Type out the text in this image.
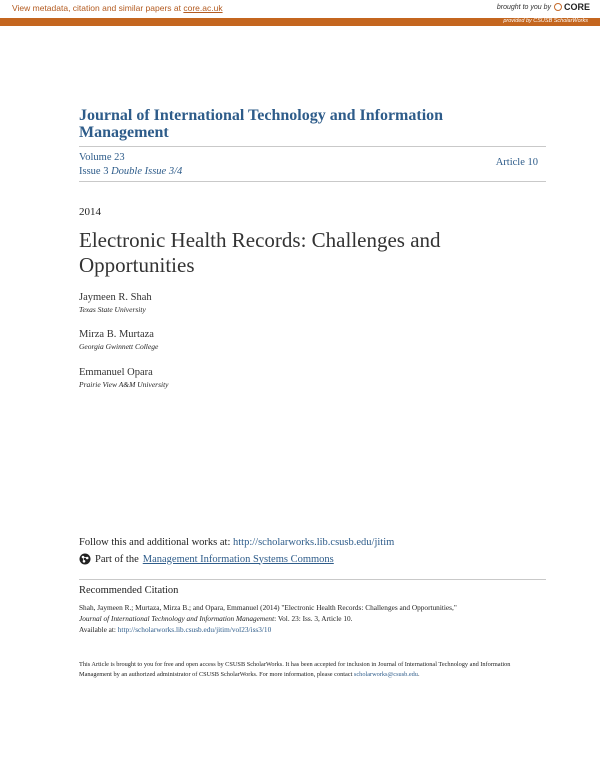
View metadata, citation and similar papers at core.ac.uk	brought to you by CORE
provided by CSUSB ScholarWorks
Journal of International Technology and Information Management
Volume 23
Issue 3 Double Issue 3/4
Article 10
2014
Electronic Health Records: Challenges and Opportunities
Jaymeen R. Shah
Texas State University
Mirza B. Murtaza
Georgia Gwinnett College
Emmanuel Opara
Prairie View A&M University
Follow this and additional works at: http://scholarworks.lib.csusb.edu/jitim
Part of the Management Information Systems Commons
Recommended Citation
Shah, Jaymeen R.; Murtaza, Mirza B.; and Opara, Emmanuel (2014) "Electronic Health Records: Challenges and Opportunities,"
Journal of International Technology and Information Management: Vol. 23: Iss. 3, Article 10.
Available at: http://scholarworks.lib.csusb.edu/jitim/vol23/iss3/10
This Article is brought to you for free and open access by CSUSB ScholarWorks. It has been accepted for inclusion in Journal of International Technology and Information Management by an authorized administrator of CSUSB ScholarWorks. For more information, please contact scholarworks@csusb.edu.
